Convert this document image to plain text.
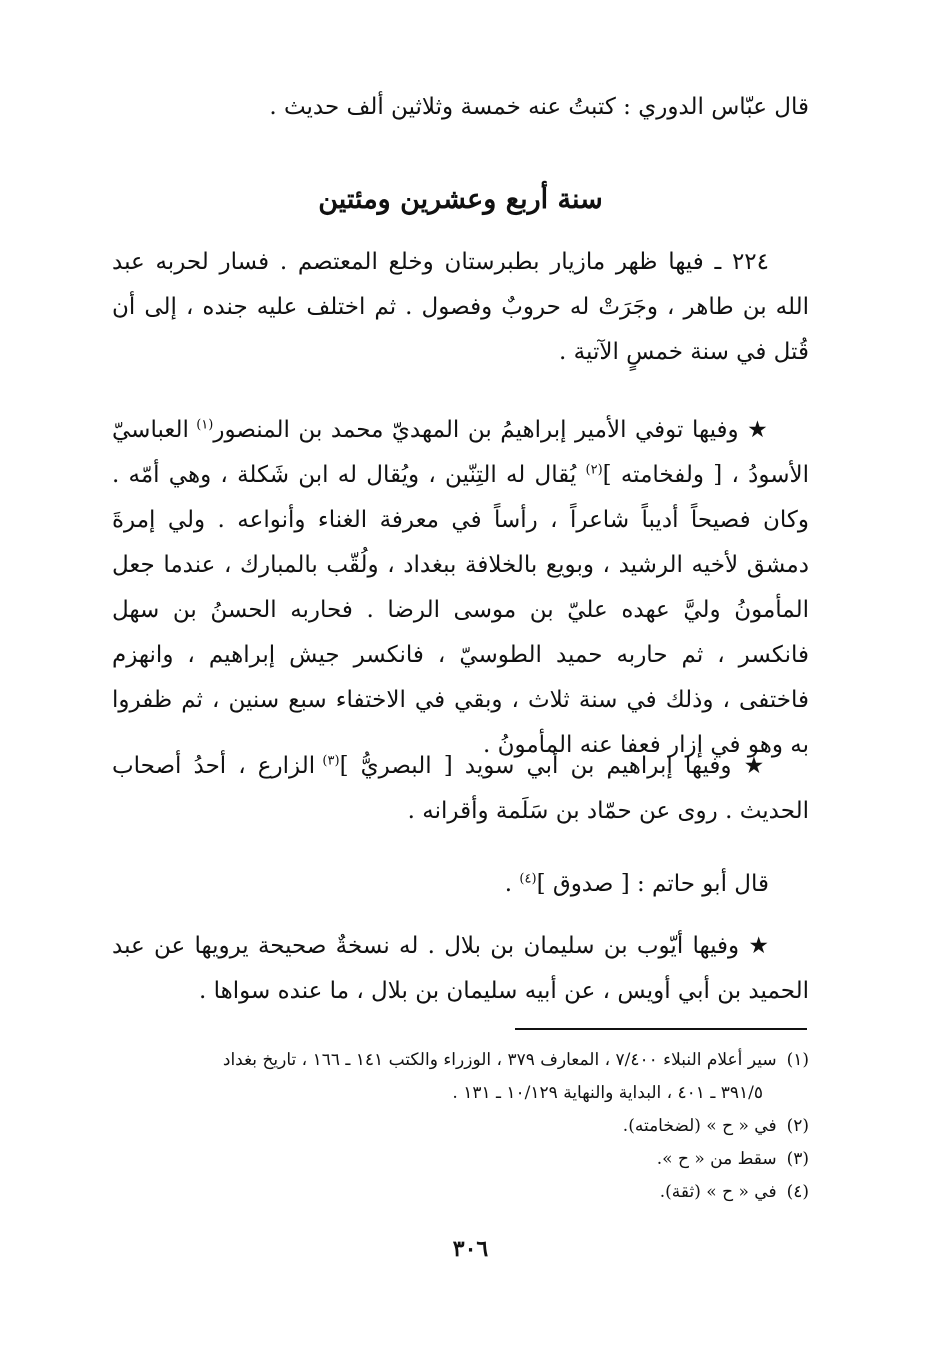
قال عبّاس الدوري : كتبتُ عنه خمسة وثلاثين ألف حديث .
سنة أربع وعشرين ومئتين
٢٢٤ ـ فيها ظهر مازيار بطبرستان وخلع المعتصم . فسار لحربه عبد الله بن طاهر ، وجَرَتْ له حروبٌ وفصول . ثم اختلف عليه جنده ، إلى أن قُتل في سنة خمسٍ الآتية .
★ وفيها توفي الأمير إبراهيمُ بن المهديّ محمد بن المنصور$^{(١)}$ العباسيّ الأسودُ ، [ ولفخامته ]$^{(٢)}$ يُقال له التِنّين ، ويُقال له ابن شَكلة ، وهي أمّه . وكان فصيحاً أديباً شاعراً ، رأساً في معرفة الغناء وأنواعه . ولي إمرةَ دمشق لأخيه الرشيد ، وبويع بالخلافة ببغداد ، ولُقّب بالمبارك ، عندما جعل المأمونُ وليَّ عهده عليّ بن موسى الرضا . فحاربه الحسنُ بن سهل فانكسر ، ثم حاربه حميد الطوسيّ ، فانكسر جيش إبراهيم ، وانهزم فاختفى ، وذلك في سنة ثلاث ، وبقي في الاختفاء سبع سنين ، ثم ظفروا به وهو في إزار فعفا عنه المأمونُ .
★ وفيها إبراهيم بن أبي سويد [ البصريُّ ]$^{(٣)}$ الزارع ، أحدُ أصحاب الحديث . روى عن حمّاد بن سَلَمة وأقرانه .
قال أبو حاتم : [ صدوق ]$^{(٤)}$ .
★ وفيها أيّوب بن سليمان بن بلال . له نسخةٌ صحيحة يرويها عن عبد الحميد بن أبي أويس ، عن أبيه سليمان بن بلال ، ما عنده سواها .
(١)سير أعلام النبلاء ٧/٤٠٠ ، المعارف ٣٧٩ ، الوزراء والكتب ١٤١ ـ ١٦٦ ، تاريخ بغداد
٣٩١/٥ ـ ٤٠١ ، البداية والنهاية ١٠/١٢٩ ـ ١٣١ .
(٢)في « ح » (لضخامته).
(٣)سقط من « ح ».
(٤)في « ح » (ثقة).
٣٠٦
